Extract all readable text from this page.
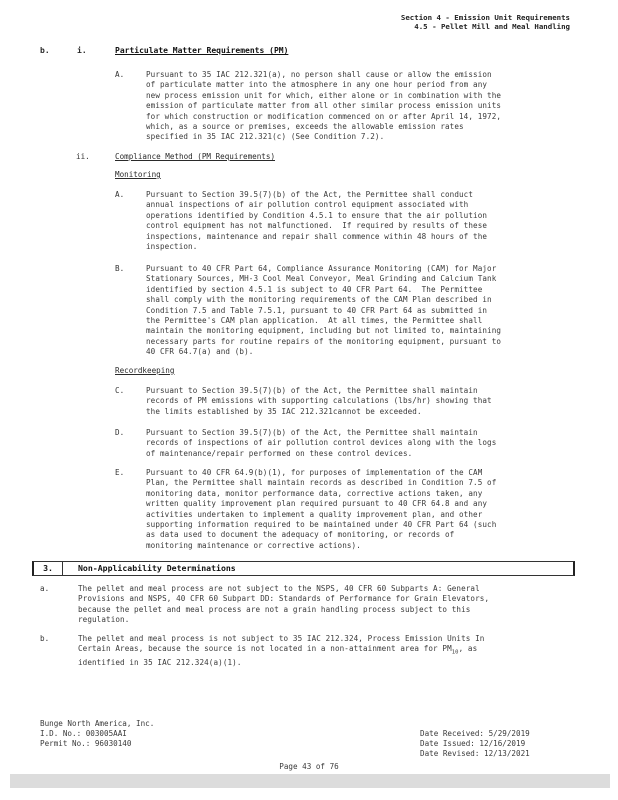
Section 4 - Emission Unit Requirements
4.5 - Pellet Mill and Meal Handling
b.	i.	Particulate Matter Requirements (PM)
A.	Pursuant to 35 IAC 212.321(a), no person shall cause or allow the emission
of particulate matter into the atmosphere in any one hour period from any
new process emission unit for which, either alone or in combination with the
emission of particulate matter from all other similar process emission units
for which construction or modification commenced on or after April 14, 1972,
which, as a source or premises, exceeds the allowable emission rates
specified in 35 IAC 212.321(c) (See Condition 7.2).
ii.	Compliance Method (PM Requirements)
Monitoring
A.	Pursuant to Section 39.5(7)(b) of the Act, the Permittee shall conduct
annual inspections of air pollution control equipment associated with
operations identified by Condition 4.5.1 to ensure that the air pollution
control equipment has not malfunctioned.  If required by results of these
inspections, maintenance and repair shall commence within 48 hours of the
inspection.
B.	Pursuant to 40 CFR Part 64, Compliance Assurance Monitoring (CAM) for Major
Stationary Sources, MH-3 Cool Meal Conveyor, Meal Grinding and Calcium Tank
identified by section 4.5.1 is subject to 40 CFR Part 64.  The Permittee
shall comply with the monitoring requirements of the CAM Plan described in
Condition 7.5 and Table 7.5.1, pursuant to 40 CFR Part 64 as submitted in
the Permittee's CAM plan application.  At all times, the Permittee shall
maintain the monitoring equipment, including but not limited to, maintaining
necessary parts for routine repairs of the monitoring equipment, pursuant to
40 CFR 64.7(a) and (b).
Recordkeeping
C.	Pursuant to Section 39.5(7)(b) of the Act, the Permittee shall maintain
records of PM emissions with supporting calculations (lbs/hr) showing that
the limits established by 35 IAC 212.321cannot be exceeded.
D.	Pursuant to Section 39.5(7)(b) of the Act, the Permittee shall maintain
records of inspections of air pollution control devices along with the logs
of maintenance/repair performed on these control devices.
E.	Pursuant to 40 CFR 64.9(b)(1), for purposes of implementation of the CAM
Plan, the Permittee shall maintain records as described in Condition 7.5 of
monitoring data, monitor performance data, corrective actions taken, any
written quality improvement plan required pursuant to 40 CFR 64.8 and any
activities undertaken to implement a quality improvement plan, and other
supporting information required to be maintained under 40 CFR Part 64 (such
as data used to document the adequacy of monitoring, or records of
monitoring maintenance or corrective actions).
3.	Non-Applicability Determinations
a.	The pellet and meal process are not subject to the NSPS, 40 CFR 60 Subparts A: General
Provisions and NSPS, 40 CFR 60 Subpart DD: Standards of Performance for Grain Elevators,
because the pellet and meal process are not a grain handling process subject to this
regulation.
b.	The pellet and meal process is not subject to 35 IAC 212.324, Process Emission Units In
Certain Areas, because the source is not located in a non-attainment area for $PM_{10}$, as
identified in 35 IAC 212.324(a)(1).
Bunge North America, Inc.
I.D. No.: 003005AAI
Permit No.: 96030140
Date Received: 5/29/2019
Date Issued: 12/16/2019
Date Revised: 12/13/2021
Page 43 of 76
